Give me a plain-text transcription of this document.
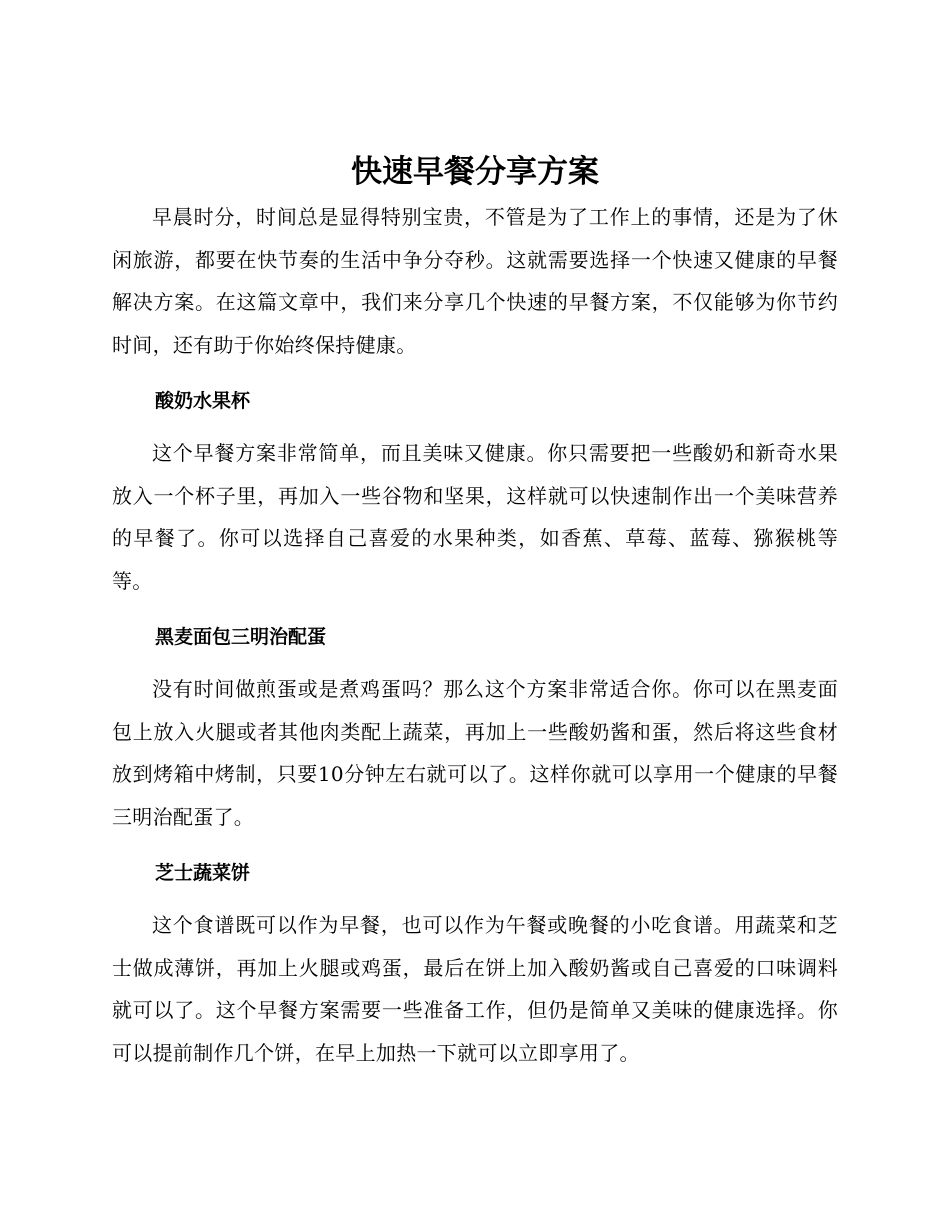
快速早餐分享方案

早晨时分，时间总是显得特别宝贵，不管是为了工作上的事情，还是为了休闲旅游，都要在快节奏的生活中争分夺秒。这就需要选择一个快速又健康的早餐解决方案。在这篇文章中，我们来分享几个快速的早餐方案，不仅能够为你节约时间，还有助于你始终保持健康。

酸奶水果杯

这个早餐方案非常简单，而且美味又健康。你只需要把一些酸奶和新奇水果放入一个杯子里，再加入一些谷物和坚果，这样就可以快速制作出一个美味营养的早餐了。你可以选择自己喜爱的水果种类，如香蕉、草莓、蓝莓、猕猴桃等等。

黑麦面包三明治配蛋

没有时间做煎蛋或是煮鸡蛋吗？那么这个方案非常适合你。你可以在黑麦面包上放入火腿或者其他肉类配上蔬菜，再加上一些酸奶酱和蛋，然后将这些食材放到烤箱中烤制，只要10分钟左右就可以了。这样你就可以享用一个健康的早餐三明治配蛋了。

芝士蔬菜饼

这个食谱既可以作为早餐，也可以作为午餐或晚餐的小吃食谱。用蔬菜和芝士做成薄饼，再加上火腿或鸡蛋，最后在饼上加入酸奶酱或自己喜爱的口味调料就可以了。这个早餐方案需要一些准备工作，但仍是简单又美味的健康选择。你可以提前制作几个饼，在早上加热一下就可以立即享用了。
